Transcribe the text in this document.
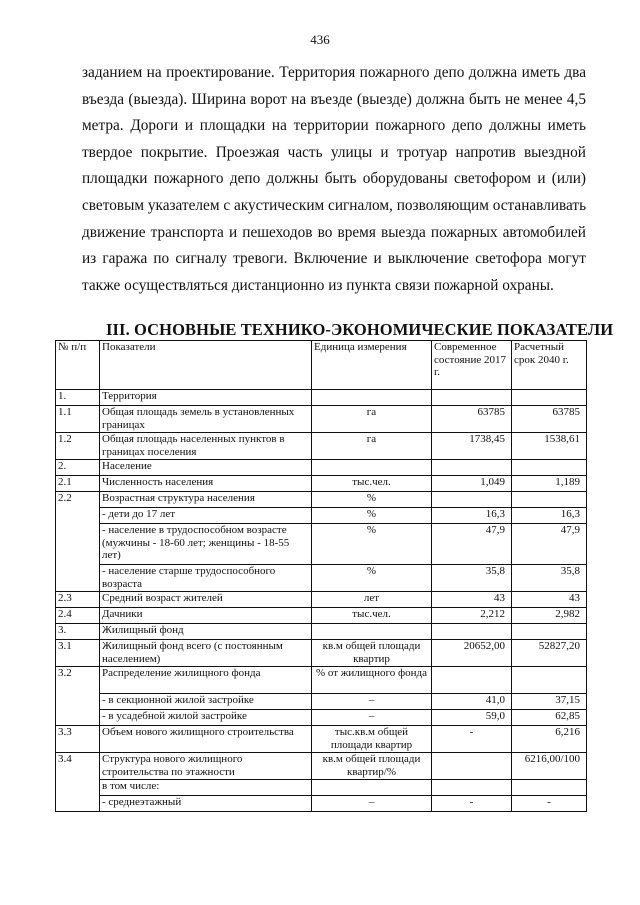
436
заданием на проектирование. Территория пожарного депо должна иметь два
въезда (выезда). Ширина ворот на въезде (выезде) должна быть не менее 4,5
метра. Дороги и площадки на территории пожарного депо должны иметь
твердое покрытие. Проезжая часть улицы и тротуар напротив выездной
площадки пожарного депо должны быть оборудованы светофором и (или)
световым указателем с акустическим сигналом, позволяющим останавливать
движение транспорта и пешеходов во время выезда пожарных автомобилей
из гаража по сигналу тревоги. Включение и выключение светофора могут
также осуществляться дистанционно из пункта связи пожарной охраны.
III. ОСНОВНЫЕ ТЕХНИКО-ЭКОНОМИЧЕСКИЕ ПОКАЗАТЕЛИ
№ п/п	Показатели	Единица измерения	Современное состояние 2017 г.	Расчетный срок 2040 г.
1.	Территория			
1.1	Общая площадь земель в установленных границах	га	63785	63785
1.2	Общая площадь населенных пунктов в границах поселения	га	1738,45	1538,61
2.	Население			
2.1	Численность населения	тыс.чел.	1,049	1,189
2.2	Возрастная структура населения	%		
	- дети до 17 лет	%	16,3	16,3
	- население в трудоспособном возрасте (мужчины - 18-60 лет; женщины - 18-55 лет)	%	47,9	47,9
	- население старше трудоспособного возраста	%	35,8	35,8
2.3	Средний возраст жителей	лет	43	43
2.4	Дачники	тыс.чел.	2,212	2,982
3.	Жилищный фонд			
3.1	Жилищный фонд всего (с постоянным населением)	кв.м общей площади квартир	20652,00	52827,20
3.2	Распределение жилищного фонда	% от жилищного фонда		
	- в секционной жилой застройке	–	41,0	37,15
	- в усадебной жилой застройке	–	59,0	62,85
3.3	Объем нового жилищного строительства	тыс.кв.м общей площади квартир	-	6,216
3.4	Структура нового жилищного строительства по этажности	кв.м общей площади квартир/%		6216,00/100
	в том числе:			
	- среднеэтажный	–	-	-
